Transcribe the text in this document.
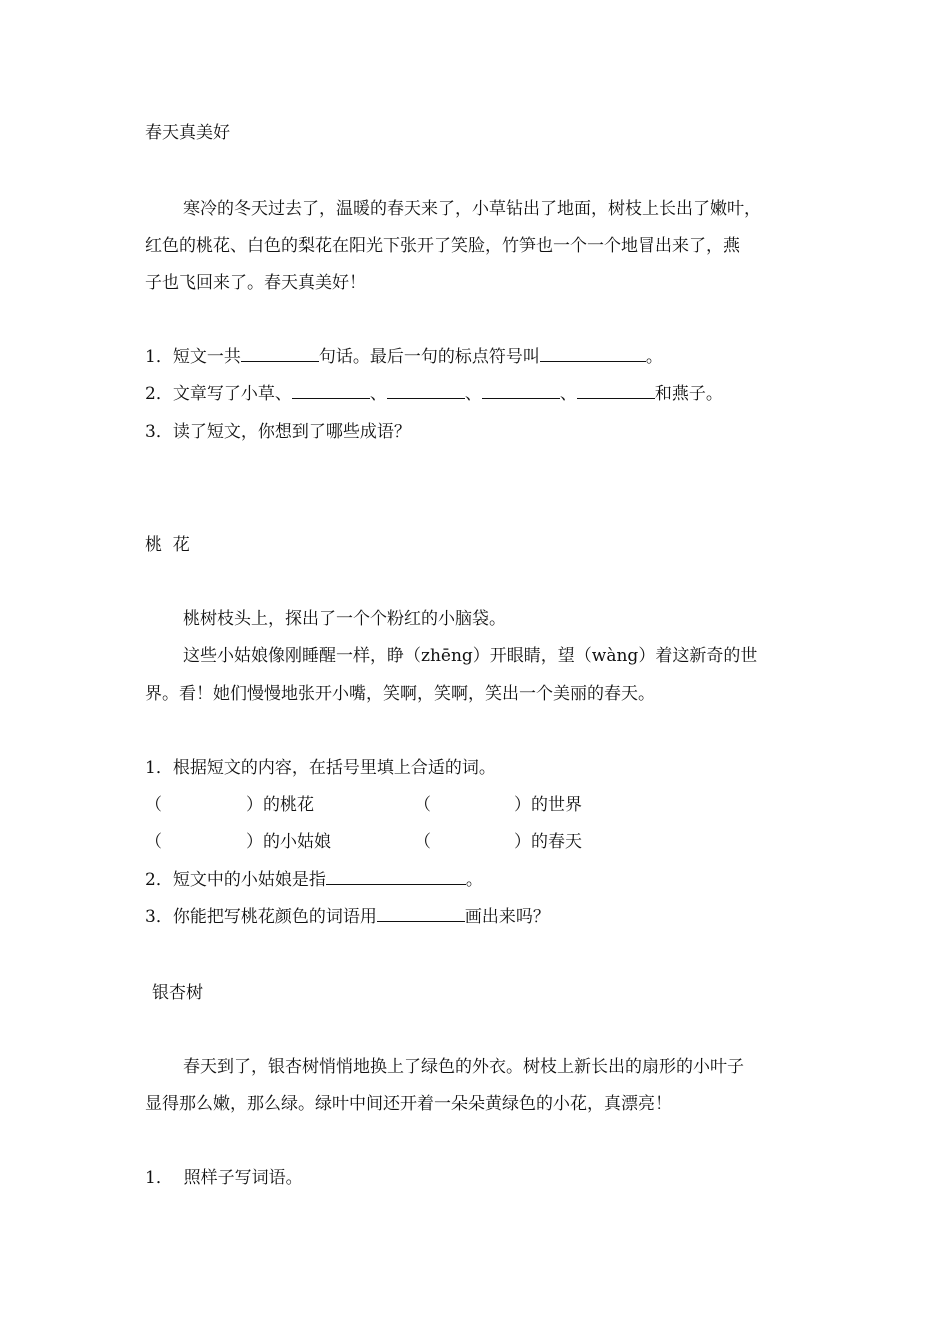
春天真美好
寒冷的冬天过去了，温暖的春天来了，小草钻出了地面，树枝上长出了嫩叶，
红色的桃花、白色的梨花在阳光下张开了笑脸，竹笋也一个一个地冒出来了，燕
子也飞回来了。春天真美好！
1．短文一共	句话。最后一句的标点符号叫	。
2．文章写了小草、	、	、	、	和燕子。
3．读了短文，你想到了哪些成语？
桃  花
桃树枝头上，探出了一个个粉红的小脑袋。
这些小姑娘像刚睡醒一样，睁（zhēng）开眼睛，望（wàng）着这新奇的世
界。看！她们慢慢地张开小嘴，笑啊，笑啊，笑出一个美丽的春天。
1．根据短文的内容，在括号里填上合适的词。
（	）的桃花	（	）的世界
（	）的小姑娘	（	）的春天
2．短文中的小姑娘是指	。
3．你能把写桃花颜色的词语用	画出来吗？
银杏树
春天到了，银杏树悄悄地换上了绿色的外衣。树枝上新长出的扇形的小叶子
显得那么嫩，那么绿。绿叶中间还开着一朵朵黄绿色的小花，真漂亮！
1．  照样子写词语。
